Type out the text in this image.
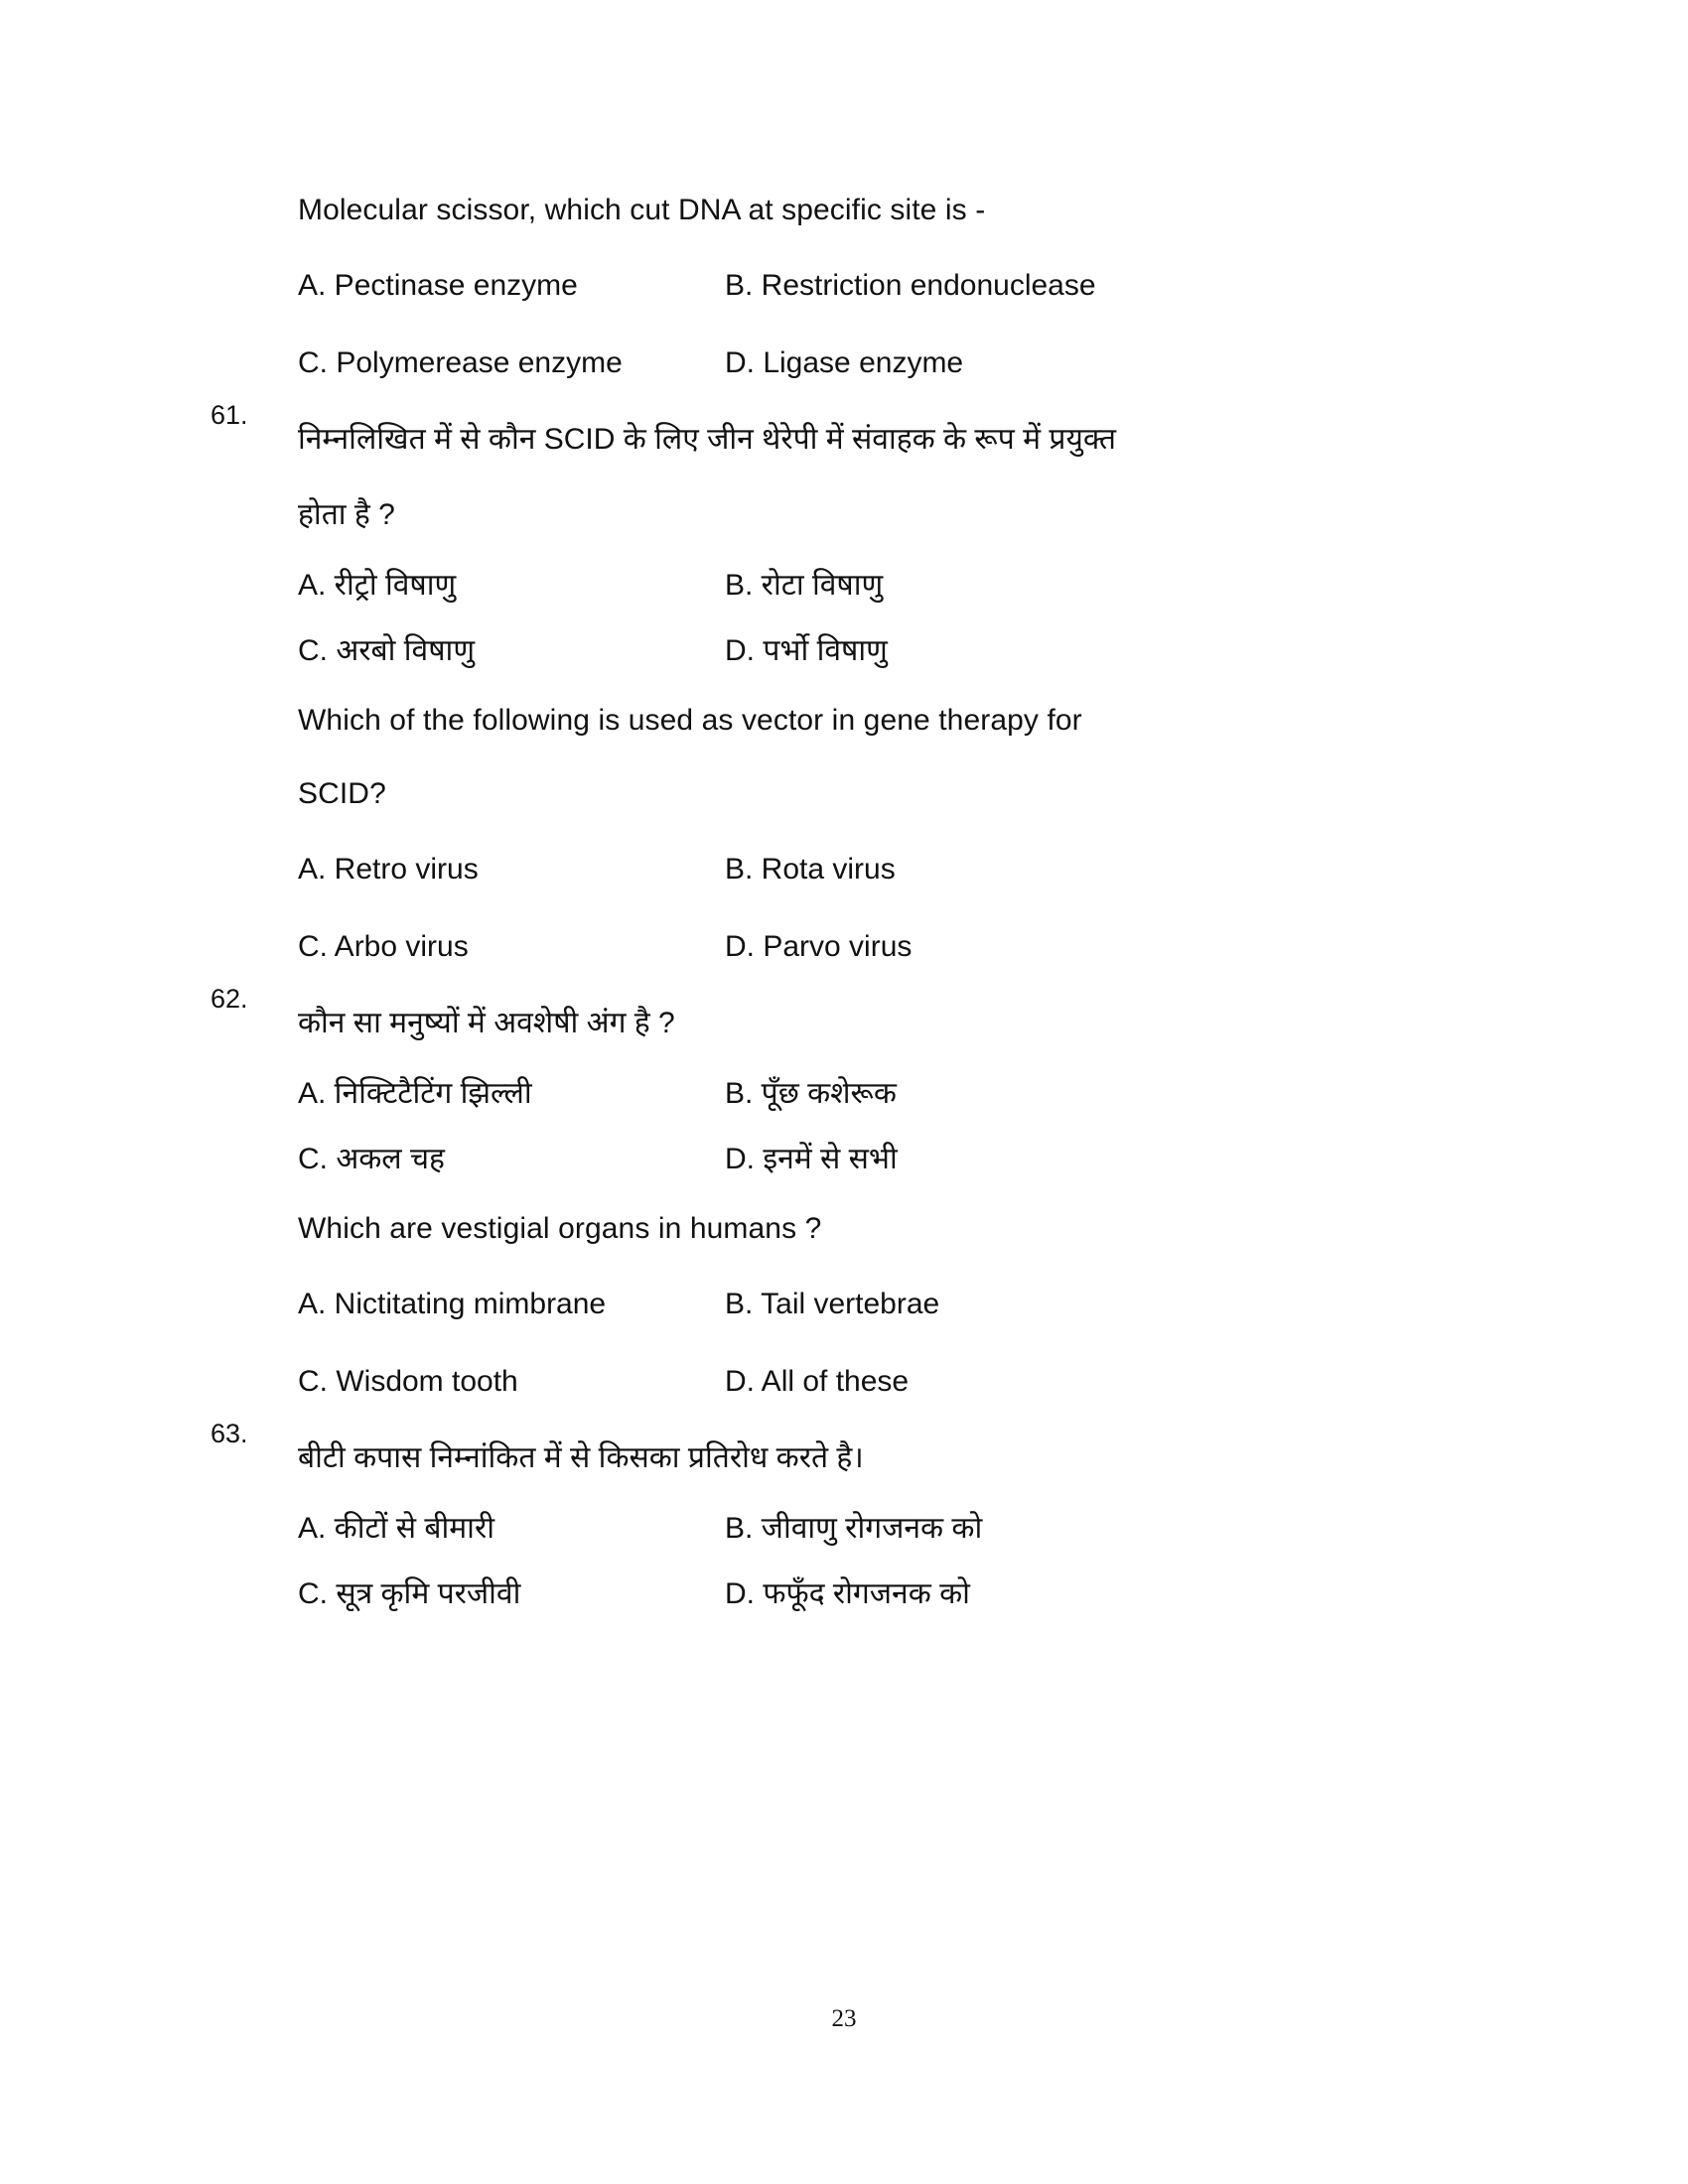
Molecular scissor, which cut DNA at specific site is -
A. Pectinase enzyme	B. Restriction endonuclease
C. Polymerease enzyme	D. Ligase enzyme
61.
निम्नलिखित में से कौन SCID के लिए जीन थेरेपी में संवाहक के रूप में प्रयुक्त
होता है ?
A. रीट्रो विषाणु	B. रोटा विषाणु
C. अरबो विषाणु	D. पर्भो विषाणु
Which of the following is used as vector in gene therapy for
SCID?
A. Retro virus	B. Rota virus
C. Arbo virus	D. Parvo virus
62.
कौन सा मनुष्यों में अवशेषी अंग है ?
A. निक्टिटैटिंग झिल्ली	B. पूँछ कशेरूक
C. अकल चह	D. इनमें से सभी
Which are vestigial organs in humans ?
A. Nictitating mimbrane	B. Tail vertebrae
C. Wisdom tooth	D. All of these
63.
बीटी कपास निम्नांकित में से किसका प्रतिरोध करते है।
A. कीटों से बीमारी	B. जीवाणु रोगजनक को
C. सूत्र कृमि परजीवी	D. फफूँद रोगजनक को
23
